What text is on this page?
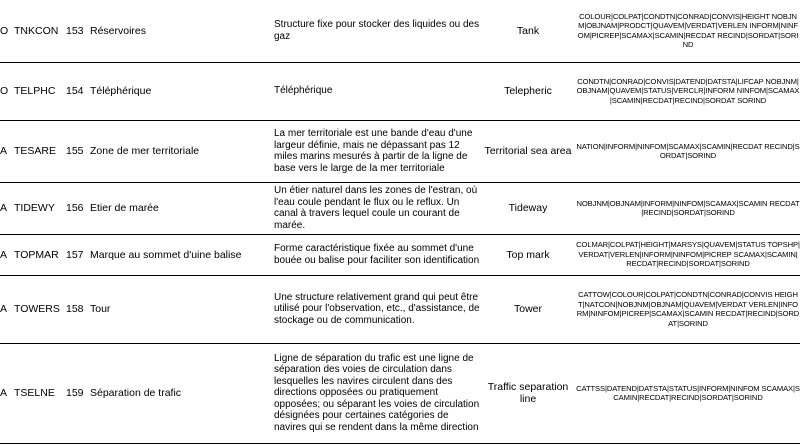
O TNKCON 153 Réservoires	Structure fixe pour stocker des liquides ou des gaz	Tank	COLOUR|COLPAT|CONDTN|CONRAD|CONVIS|HEIGHT NOBJNM|OBJNAM|PRODCT|QUAVEM|VERDAT|VERLEN INFORM|NINFOM|PICREP|SCAMAX|SCAMIN|RECDAT RECIND|SORDAT|SORIND
O TELPHC 154 Téléphérique	Téléphérique	Telepheric	CONDTN|CONRAD|CONVIS|DATEND|DATSTA|LIFCAP NOBJNM|OBJNAM|QUAVEM|STATUS|VERCLR|INFORM NINFOM|SCAMAX|SCAMIN|RECDAT|RECIND|SORDAT SORIND
A TESARE 155 Zone de mer territoriale	La mer territoriale est une bande d'eau d'une largeur définie, mais ne dépassant pas 12 miles marins mesurés à partir de la ligne de base vers le large de la mer territoriale	Territorial sea area	NATION|INFORM|NINFOM|SCAMAX|SCAMIN|RECDAT RECIND|SORDAT|SORIND
A TIDEWY 156 Etier de marée	Un étier naturel dans les zones de l'estran, où l'eau coule pendant le flux ou le reflux. Un canal à travers lequel coule un courant de marée.	Tideway	NOBJNM|OBJNAM|INFORM|NINFOM|SCAMAX|SCAMIN RECDAT|RECIND|SORDAT|SORIND
A TOPMAR 157 Marque au sommet d'uine balise	Forme caractéristique fixée au sommet d'une bouée ou balise pour faciliter son identification	Top mark	COLMAR|COLPAT|HEIGHT|MARSYS|QUAVEM|STATUS TOPSHP|VERDAT|VERLEN|INFORM|NINFOM|PICREP SCAMAX|SCAMIN|RECDAT|RECIND|SORDAT|SORIND
A TOWERS 158 Tour	Une structure relativement grand qui peut être utilisé pour l'observation, etc., d'assistance, de stockage ou de communication.	Tower	CATTOW|COLOUR|COLPAT|CONDTN|CONRAD|CONVIS HEIGHT|NATCON|NOBJNM|OBJNAM|QUAVEM|VERDAT VERLEN|INFORM|NINFOM|PICREP|SCAMAX|SCAMIN RECDAT|RECIND|SORDAT|SORIND
A TSELNE 159 Séparation de trafic	Ligne de séparation du trafic est une ligne de séparation des voies de circulation dans lesquelles les navires circulent dans des directions opposées ou pratiquement opposées; ou séparant les voies de circulation désignées pour certaines catégories de navires qui se rendent dans la même direction	Traffic separation line	CATTSS|DATEND|DATSTA|STATUS|INFORM|NINFOM SCAMAX|SCAMIN|RECDAT|RECIND|SORDAT|SORIND
